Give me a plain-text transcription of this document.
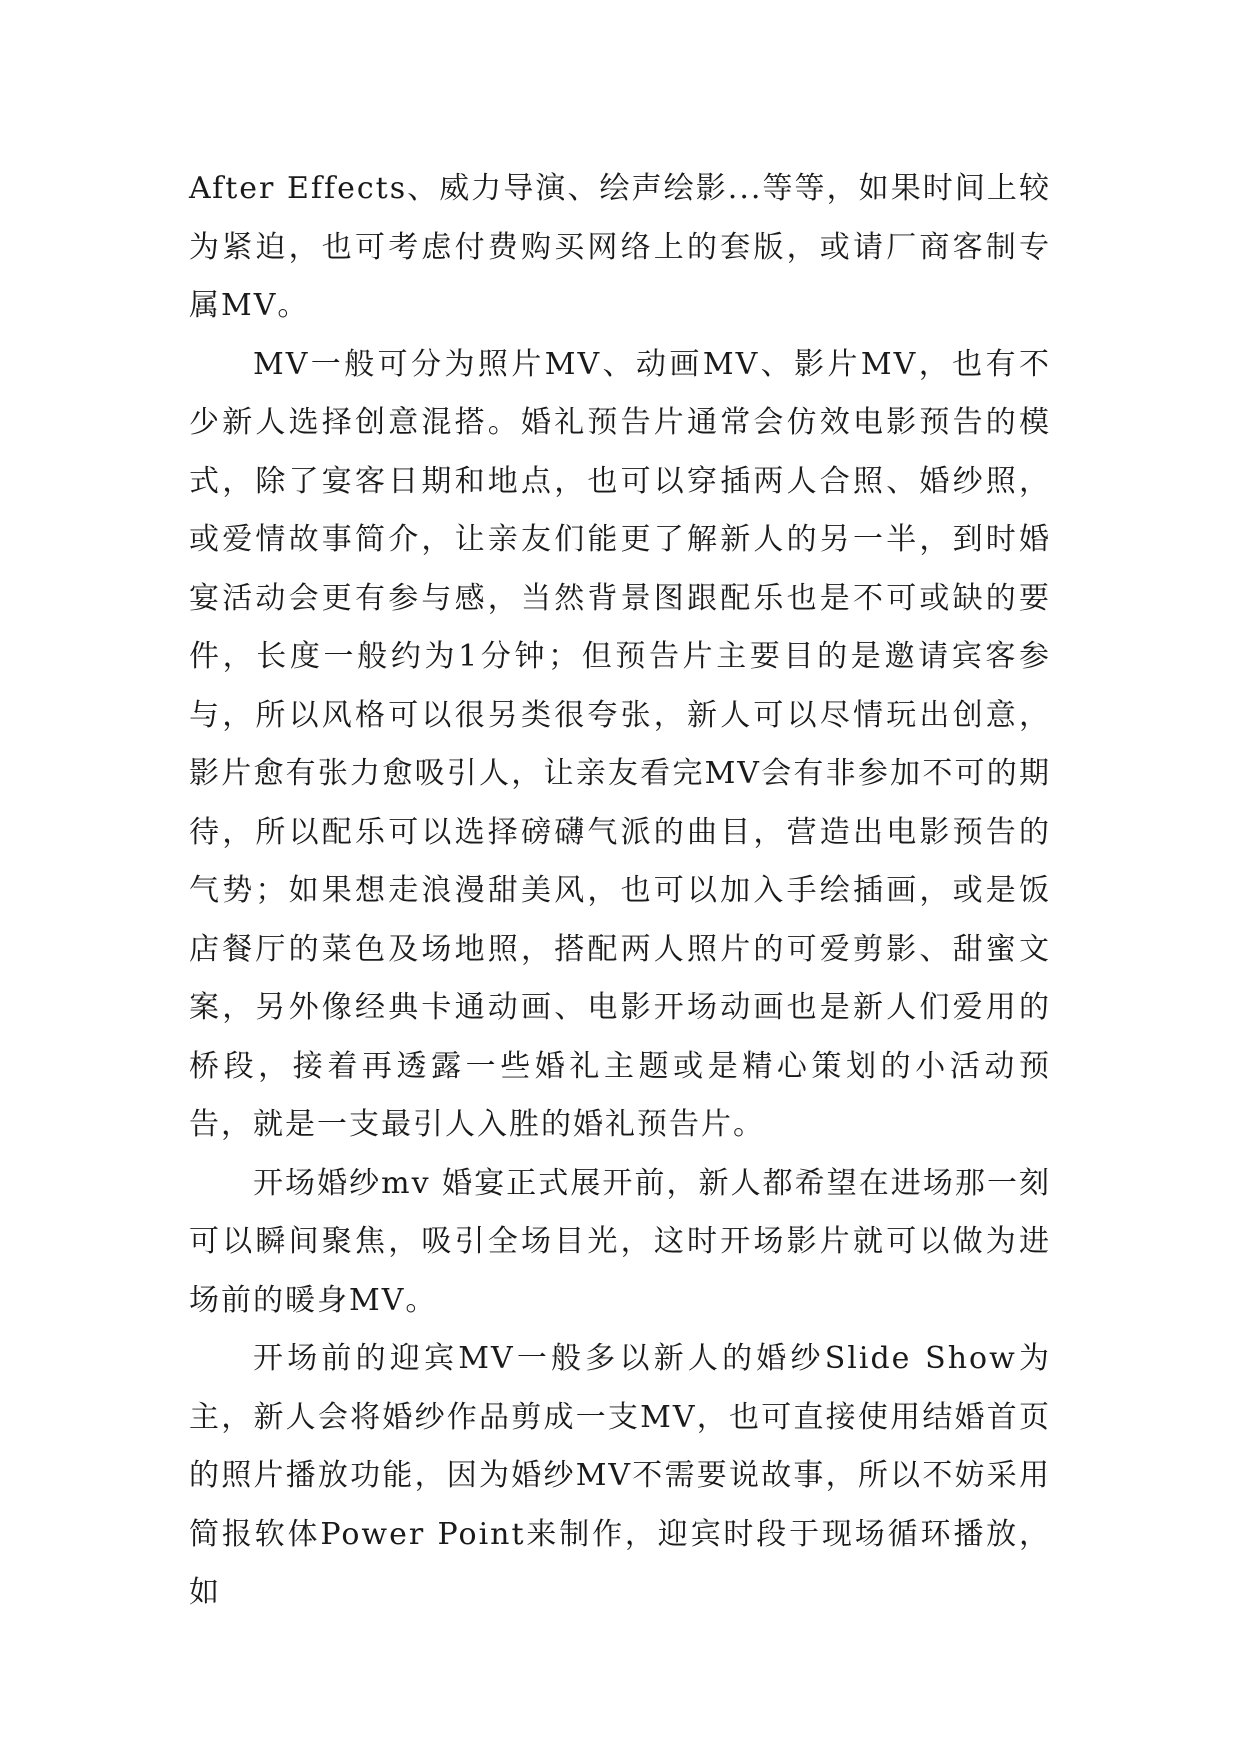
After Effects、威力导演、绘声绘影...等等，如果时间上较为紧迫，也可考虑付费购买网络上的套版，或请厂商客制专属MV。

MV一般可分为照片MV、动画MV、影片MV，也有不少新人选择创意混搭。婚礼预告片通常会仿效电影预告的模式，除了宴客日期和地点，也可以穿插两人合照、婚纱照，或爱情故事简介，让亲友们能更了解新人的另一半，到时婚宴活动会更有参与感，当然背景图跟配乐也是不可或缺的要件，长度一般约为1分钟；但预告片主要目的是邀请宾客参与，所以风格可以很另类很夸张，新人可以尽情玩出创意，影片愈有张力愈吸引人，让亲友看完MV会有非参加不可的期待，所以配乐可以选择磅礴气派的曲目，营造出电影预告的气势；如果想走浪漫甜美风，也可以加入手绘插画，或是饭店餐厅的菜色及场地照，搭配两人照片的可爱剪影、甜蜜文案，另外像经典卡通动画、电影开场动画也是新人们爱用的桥段，接着再透露一些婚礼主题或是精心策划的小活动预告，就是一支最引人入胜的婚礼预告片。

开场婚纱mv 婚宴正式展开前，新人都希望在进场那一刻可以瞬间聚焦，吸引全场目光，这时开场影片就可以做为进场前的暖身MV。

开场前的迎宾MV一般多以新人的婚纱Slide Show为主，新人会将婚纱作品剪成一支MV，也可直接使用结婚首页的照片播放功能，因为婚纱MV不需要说故事，所以不妨采用简报软体Power Point来制作，迎宾时段于现场循环播放，如
